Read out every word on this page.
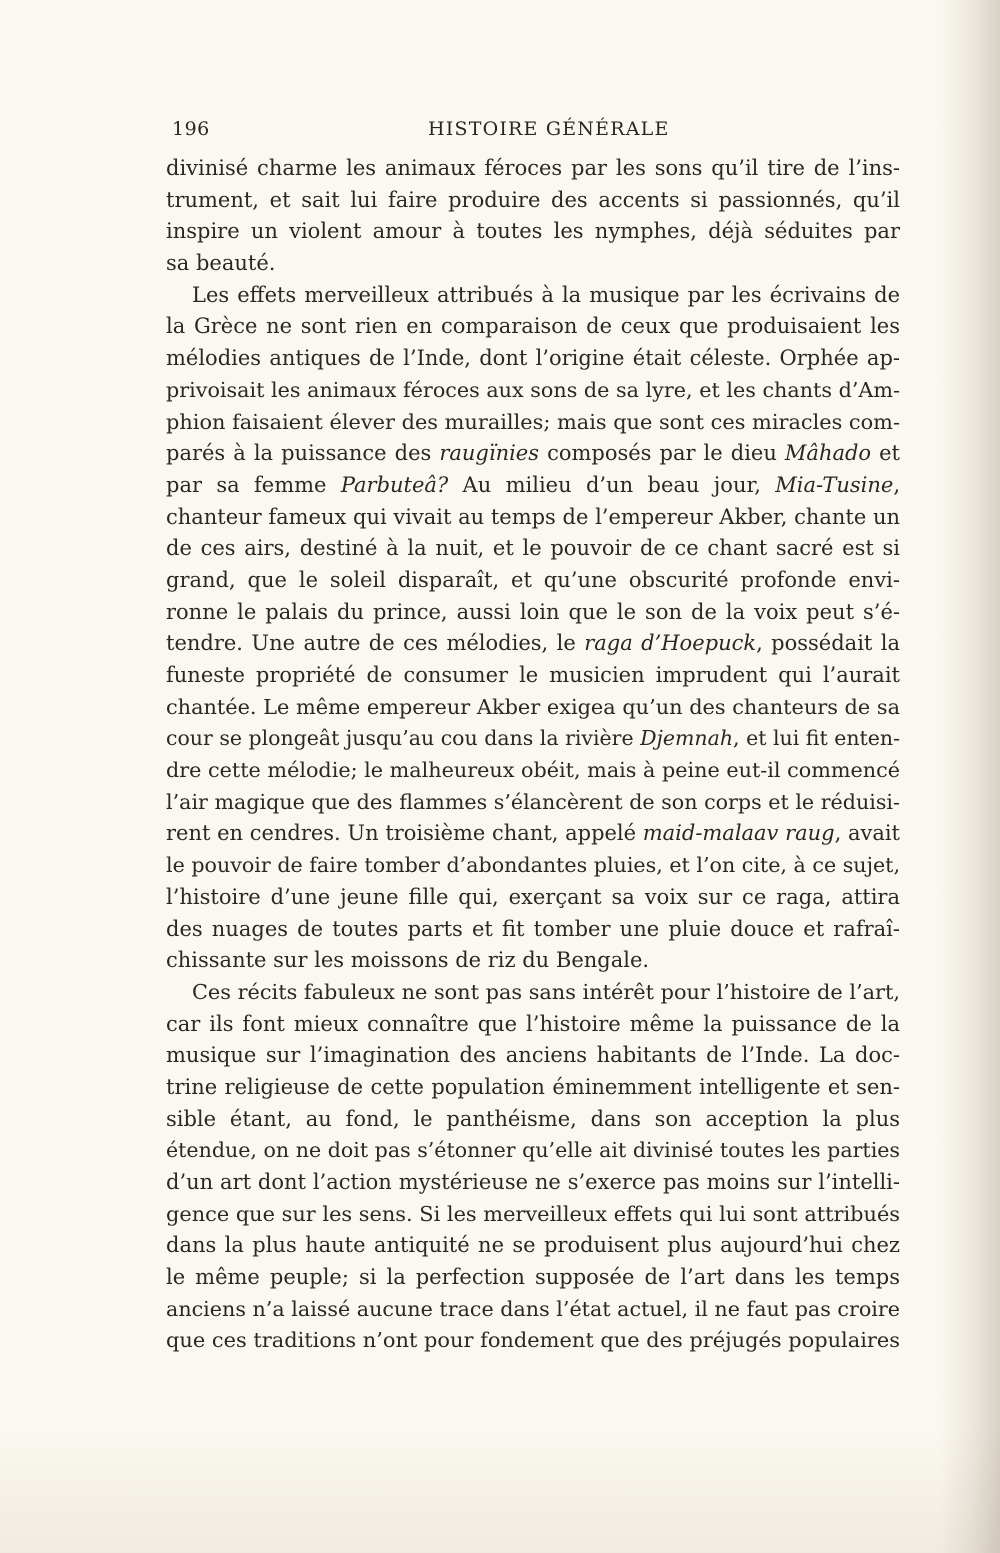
196	HISTOIRE GÉNÉRALE
divinisé charme les animaux féroces par les sons qu’il tire de l’ins-
trument, et sait lui faire produire des accents si passionnés, qu’il
inspire un violent amour à toutes les nymphes, déjà séduites par
sa beauté.
Les effets merveilleux attribués à la musique par les écrivains de
la Grèce ne sont rien en comparaison de ceux que produisaient les
mélodies antiques de l’Inde, dont l’origine était céleste. Orphée ap-
privoisait les animaux féroces aux sons de sa lyre, et les chants d’Am-
phion faisaient élever des murailles; mais que sont ces miracles com-
parés à la puissance des raugïnies composés par le dieu Mâhado et
par sa femme Parbuteâ? Au milieu d’un beau jour, Mia-Tusine,
chanteur fameux qui vivait au temps de l’empereur Akber, chante un
de ces airs, destiné à la nuit, et le pouvoir de ce chant sacré est si
grand, que le soleil disparaît, et qu’une obscurité profonde envi-
ronne le palais du prince, aussi loin que le son de la voix peut s’é-
tendre. Une autre de ces mélodies, le raga d’Hoepuck, possédait la
funeste propriété de consumer le musicien imprudent qui l’aurait
chantée. Le même empereur Akber exigea qu’un des chanteurs de sa
cour se plongeât jusqu’au cou dans la rivière Djemnah, et lui fit enten-
dre cette mélodie; le malheureux obéit, mais à peine eut-il commencé
l’air magique que des flammes s’élancèrent de son corps et le réduisi-
rent en cendres. Un troisième chant, appelé maid-malaav raug, avait
le pouvoir de faire tomber d’abondantes pluies, et l’on cite, à ce sujet,
l’histoire d’une jeune fille qui, exerçant sa voix sur ce raga, attira
des nuages de toutes parts et fit tomber une pluie douce et rafraî-
chissante sur les moissons de riz du Bengale.
Ces récits fabuleux ne sont pas sans intérêt pour l’histoire de l’art,
car ils font mieux connaître que l’histoire même la puissance de la
musique sur l’imagination des anciens habitants de l’Inde. La doc-
trine religieuse de cette population éminemment intelligente et sen-
sible étant, au fond, le panthéisme, dans son acception la plus
étendue, on ne doit pas s’étonner qu’elle ait divinisé toutes les parties
d’un art dont l’action mystérieuse ne s’exerce pas moins sur l’intelli-
gence que sur les sens. Si les merveilleux effets qui lui sont attribués
dans la plus haute antiquité ne se produisent plus aujourd’hui chez
le même peuple; si la perfection supposée de l’art dans les temps
anciens n’a laissé aucune trace dans l’état actuel, il ne faut pas croire
que ces traditions n’ont pour fondement que des préjugés populaires
